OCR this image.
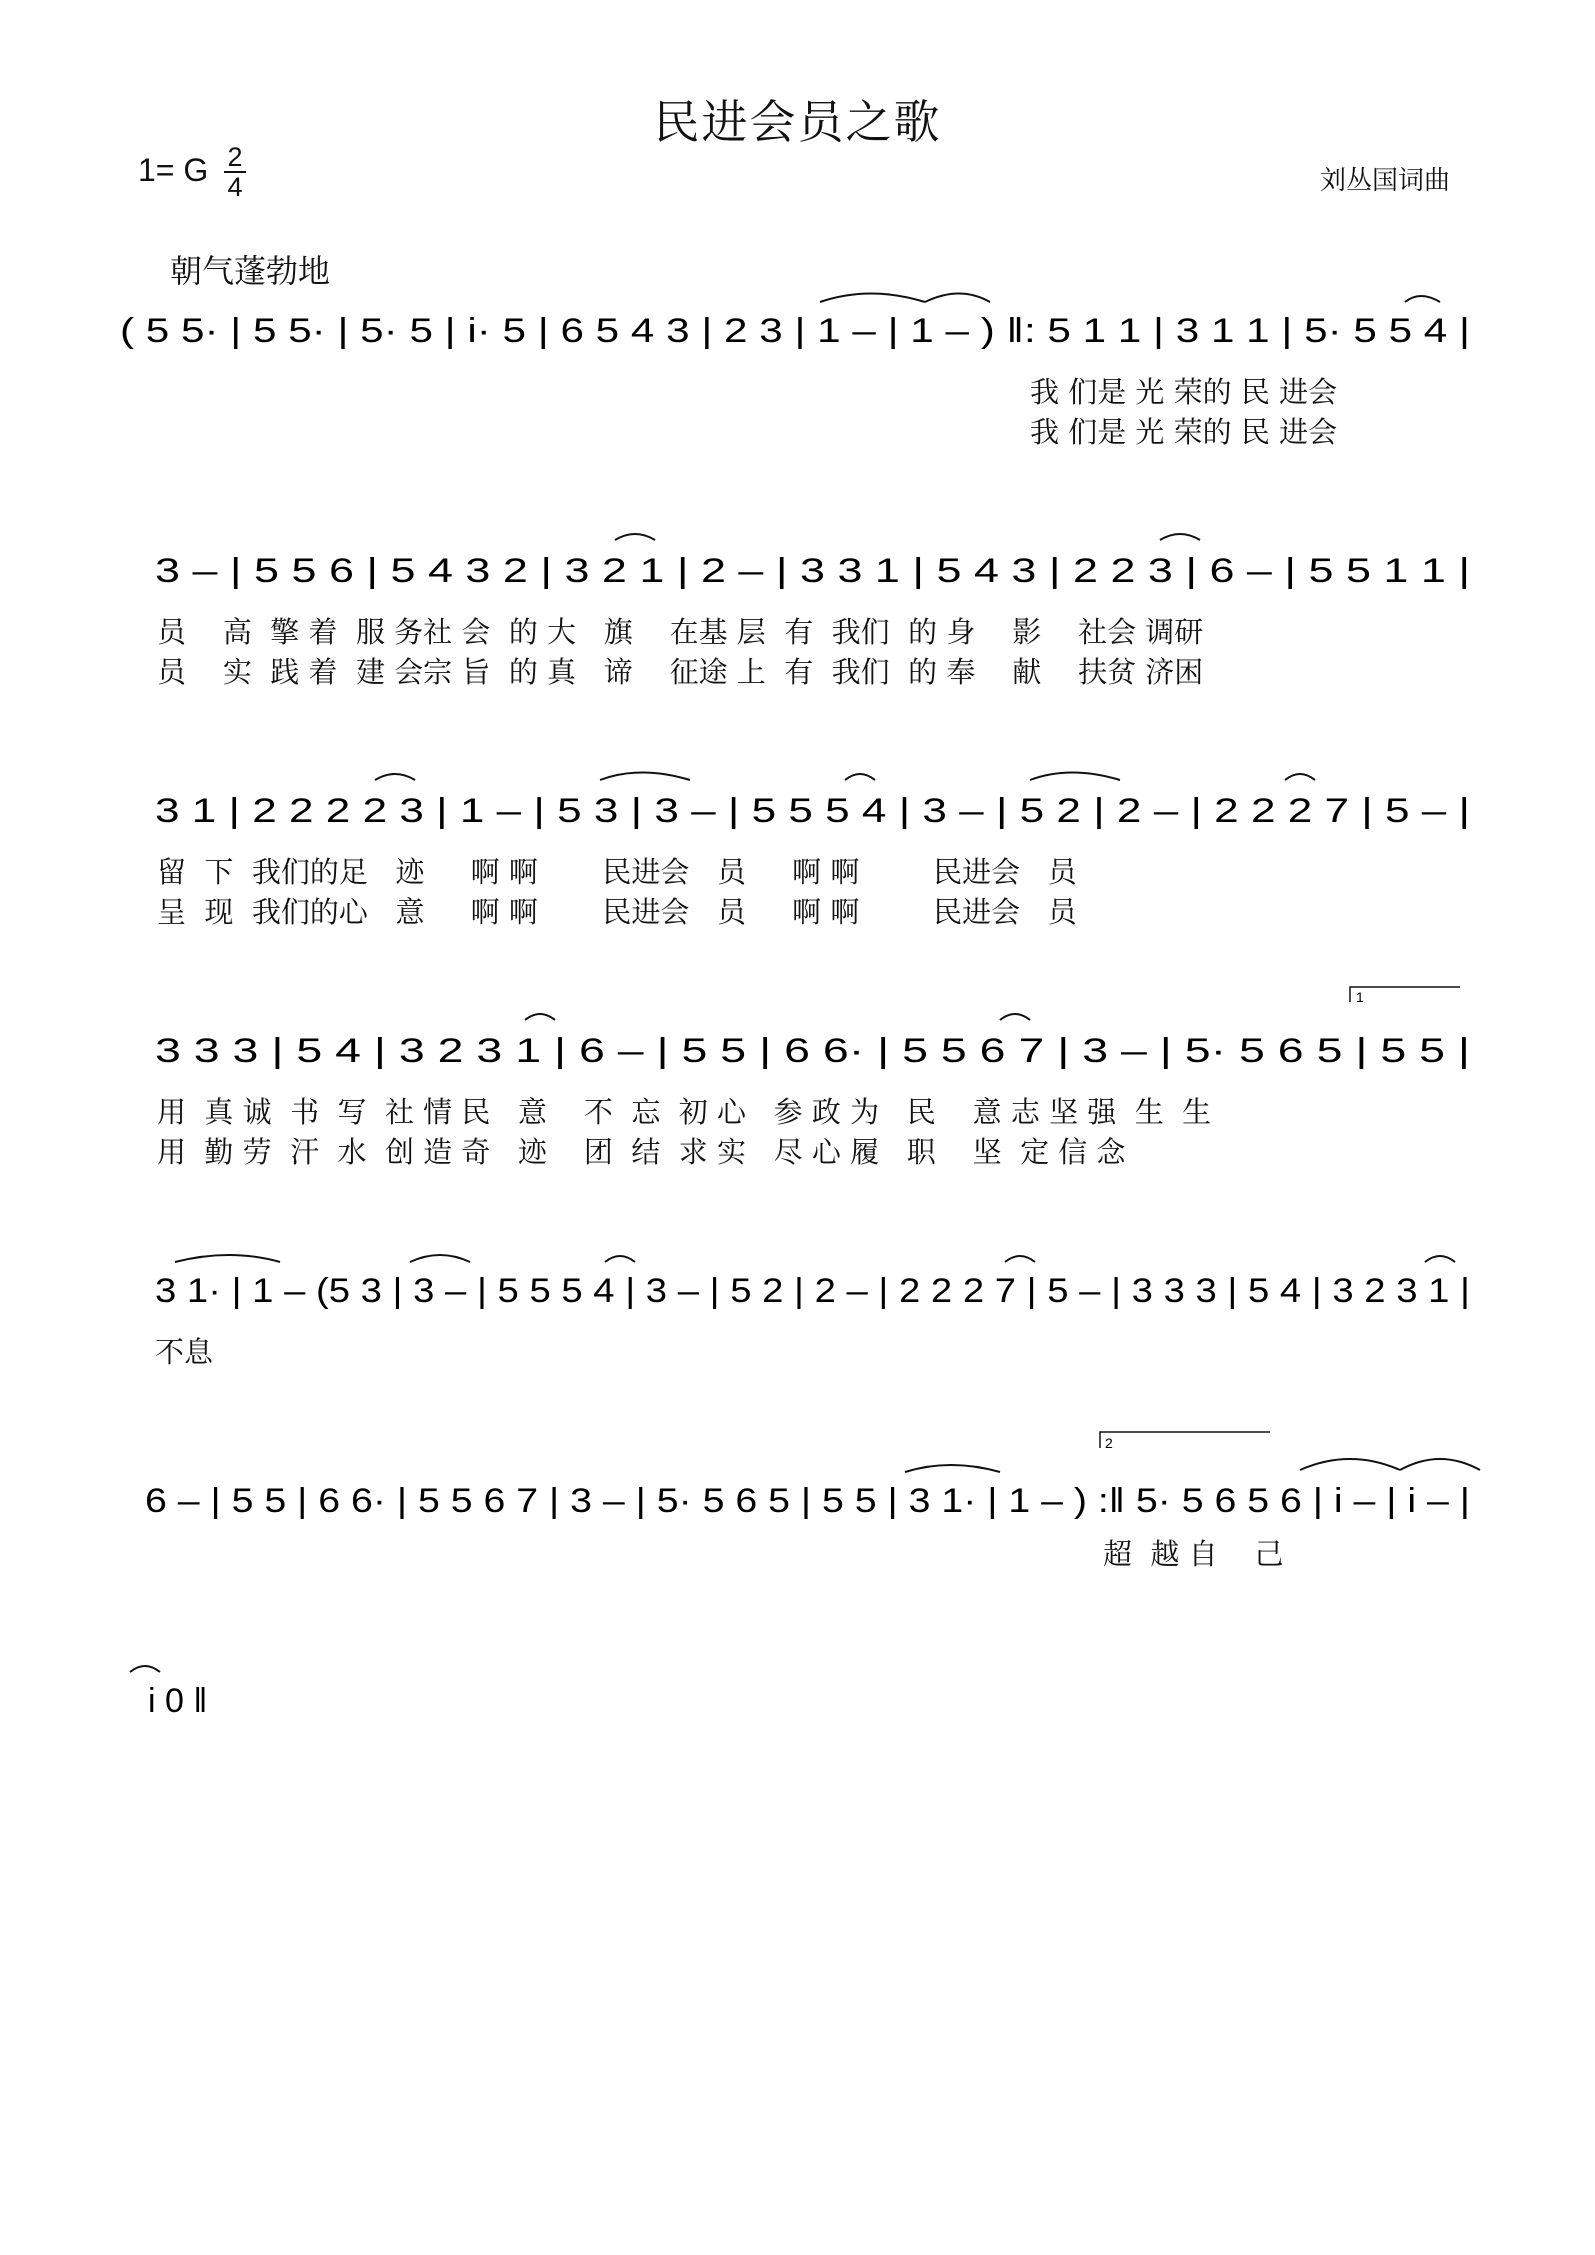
民进会员之歌
1= G 2
4	刘丛国词曲
朝气蓬勃地
( 5 5· | 5 5· | 5· 5 | i· 5 | 6 5 4 3 | 2 3 | 1 – | 1 – ) ‖: 5 1 1 | 3 1 1 | 5· 5 5 4 |
3 – | 5 5 6 | 5 4 3 2 | 3 2 1 | 2 – | 3 3 1 | 5 4 3 | 2 2 3 | 6 – | 5 5 1 1 |
3 1 | 2 2 2 2 3 | 1 – | 5 3 | 3 – | 5 5 5 4 | 3 – | 5 2 | 2 – | 2 2 2 7 | 5 – |
3 3 3 | 5 4 | 3 2 3 1 | 6 – | 5 5 | 6 6· | 5 5 6 7 | 3 – | 5· 5 6 5 | 5 5 |
3 1· | 1 – (5 3 | 3 – | 5 5 5 4 | 3 – | 5 2 | 2 – | 2 2 2 7 | 5 – | 3 3 3 | 5 4 | 3 2 3 1 |
6 – | 5 5 | 6 6· | 5 5 6 7 | 3 – | 5· 5 6 5 | 5 5 | 3 1· | 1 – ) :‖ 5· 5 6 5 6 | i – | i – |
i 0 ‖
1
2
我 们是 光 荣的 民 进会
我 们是 光 荣的 民 进会
员    高  擎 着  服 务社 会  的 大   旗    在基 层  有  我们  的 身    影    社会 调研
员    实  践 着  建 会宗 旨  的 真   谛    征途 上  有  我们  的 奉    献    扶贫 济困
留  下  我们的足   迹     啊 啊       民进会   员     啊 啊        民进会   员
呈  现  我们的心   意     啊 啊       民进会   员     啊 啊        民进会   员
用  真 诚  书  写  社 情 民   意    不  忘  初 心   参 政 为   民    意 志 坚 强  生  生
用  勤 劳  汗  水  创 造 奇   迹    团  结  求 实   尽 心 履   职    坚  定 信 念
不息
超  越 自    己
